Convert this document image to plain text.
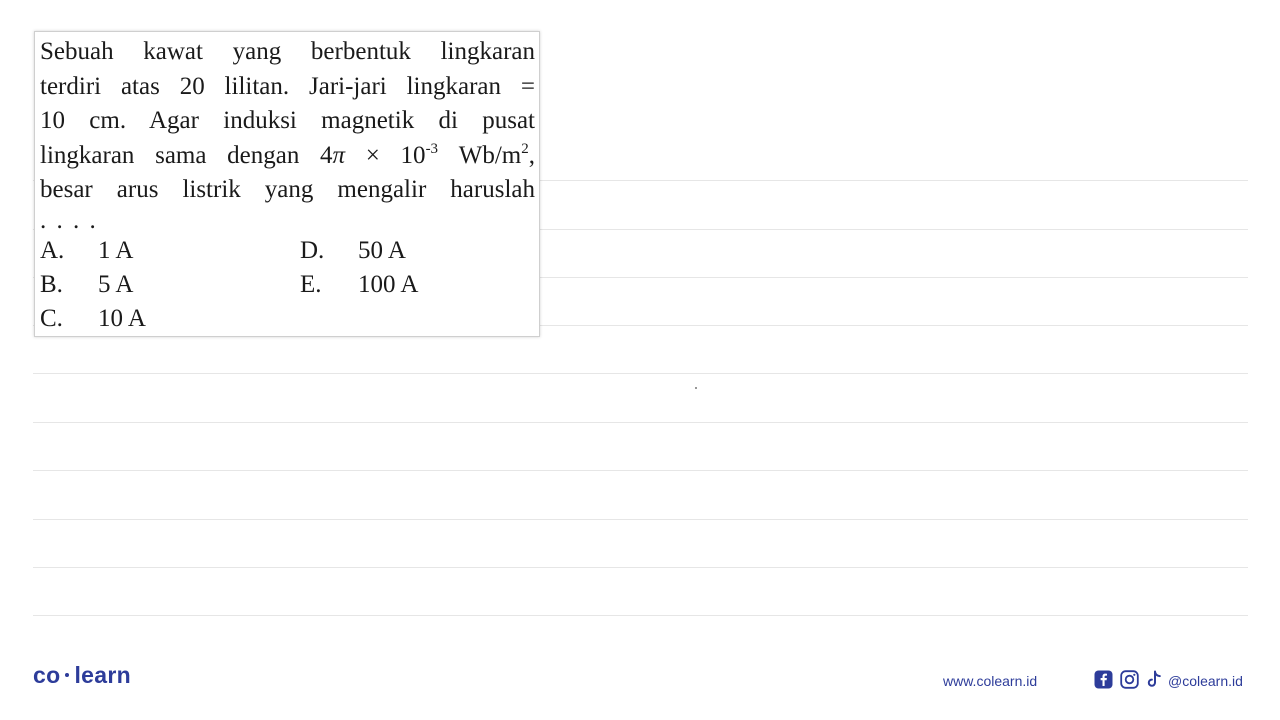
Sebuah kawat yang berbentuk lingkaran
terdiri atas 20 lilitan. Jari-jari lingkaran =
10 cm. Agar induksi magnetik di pusat
lingkaran sama dengan $4\pi \times 10^{-3}$ $Wb/m^2$,
besar arus listrik yang mengalir haruslah
. . . .
A. 1 A
B. 5 A
C. 10 A
D. 50 A
E. 100 A
co learn	www.colearn.id	@colearn.id
